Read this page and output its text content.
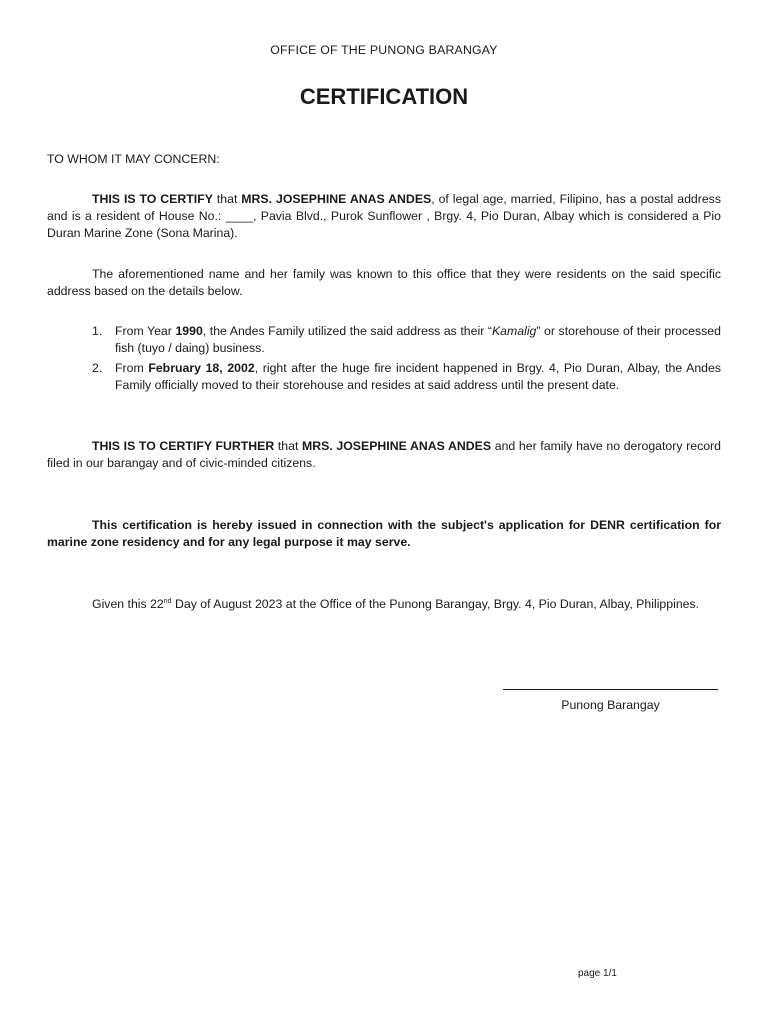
OFFICE OF THE PUNONG BARANGAY
CERTIFICATION
TO WHOM IT MAY CONCERN:

THIS IS TO CERTIFY that MRS. JOSEPHINE ANAS ANDES, of legal age, married, Filipino, has a postal address and is a resident of House No.: ____, Pavia Blvd., Purok Sunflower , Brgy. 4, Pio Duran, Albay which is considered a Pio Duran Marine Zone (Sona Marina).

The aforementioned name and her family was known to this office that they were residents on the said specific address based on the details below.

1. From Year 1990, the Andes Family utilized the said address as their “Kamalig” or storehouse of their processed fish (tuyo / daing) business.
2. From February 18, 2002, right after the huge fire incident happened in Brgy. 4, Pio Duran, Albay, the Andes Family officially moved to their storehouse and resides at said address until the present date.

THIS IS TO CERTIFY FURTHER that MRS. JOSEPHINE ANAS ANDES and her family have no derogatory record filed in our barangay and of civic-minded citizens.

This certification is hereby issued in connection with the subject's application for DENR certification for marine zone residency and for any legal purpose it may serve.

Given this 22nd Day of August 2023 at the Office of the Punong Barangay, Brgy. 4, Pio Duran, Albay, Philippines.

Punong Barangay
page 1/1
